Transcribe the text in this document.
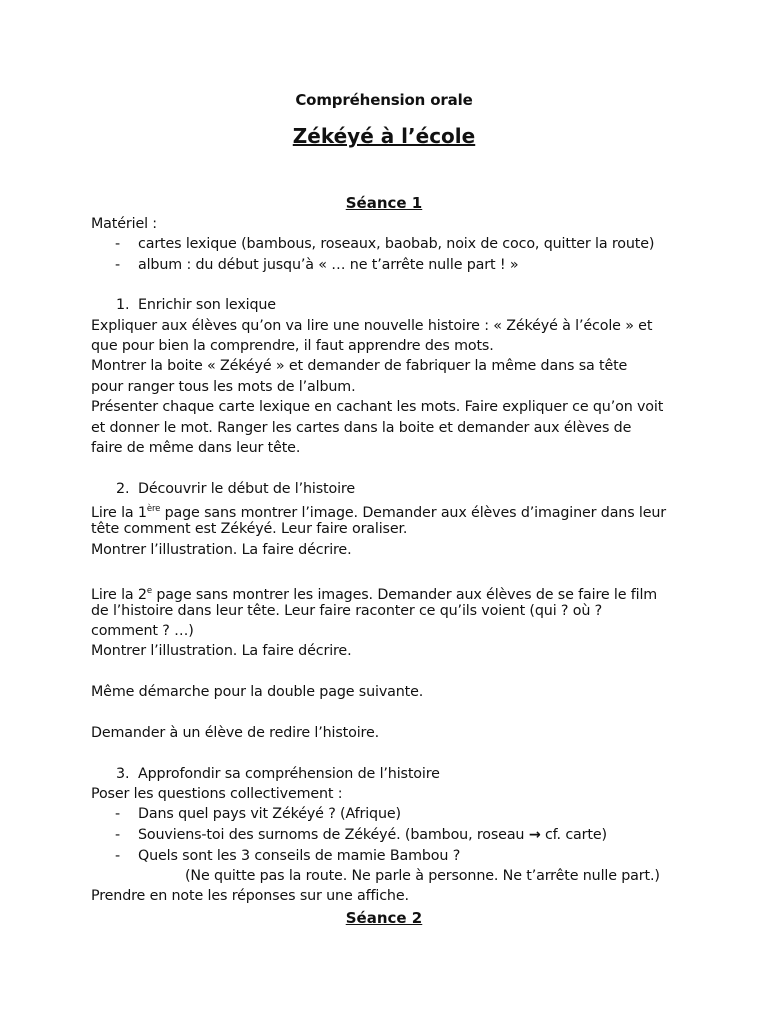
Compréhension orale
Zékéyé à l’école
Séance 1
Matériel :
- cartes lexique (bambous, roseaux, baobab, noix de coco, quitter la route)
- album : du début jusqu’à « … ne t’arrête nulle part ! »
1. Enrichir son lexique
Expliquer aux élèves qu’on va lire une nouvelle histoire : « Zékéyé à l’école » et
que pour bien la comprendre, il faut apprendre des mots.
Montrer la boite « Zékéyé » et demander de fabriquer la même dans sa tête
pour ranger tous les mots de l’album.
Présenter chaque carte lexique en cachant les mots. Faire expliquer ce qu’on voit
et donner le mot. Ranger les cartes dans la boite et demander aux élèves de
faire de même dans leur tête.
2. Découvrir le début de l’histoire
Lire la 1ère page sans montrer l’image. Demander aux élèves d’imaginer dans leur
tête comment est Zékéyé. Leur faire oraliser.
Montrer l’illustration. La faire décrire.
Lire la 2e page sans montrer les images. Demander aux élèves de se faire le film
de l’histoire dans leur tête. Leur faire raconter ce qu’ils voient (qui ? où ?
comment ? …)
Montrer l’illustration. La faire décrire.
Même démarche pour la double page suivante.
Demander à un élève de redire l’histoire.
3. Approfondir sa compréhension de l’histoire
Poser les questions collectivement :
- Dans quel pays vit Zékéyé ? (Afrique)
- Souviens-toi des surnoms de Zékéyé. (bambou, roseau → cf. carte)
- Quels sont les 3 conseils de mamie Bambou ?
(Ne quitte pas la route. Ne parle à personne. Ne t’arrête nulle part.)
Prendre en note les réponses sur une affiche.
Séance 2
